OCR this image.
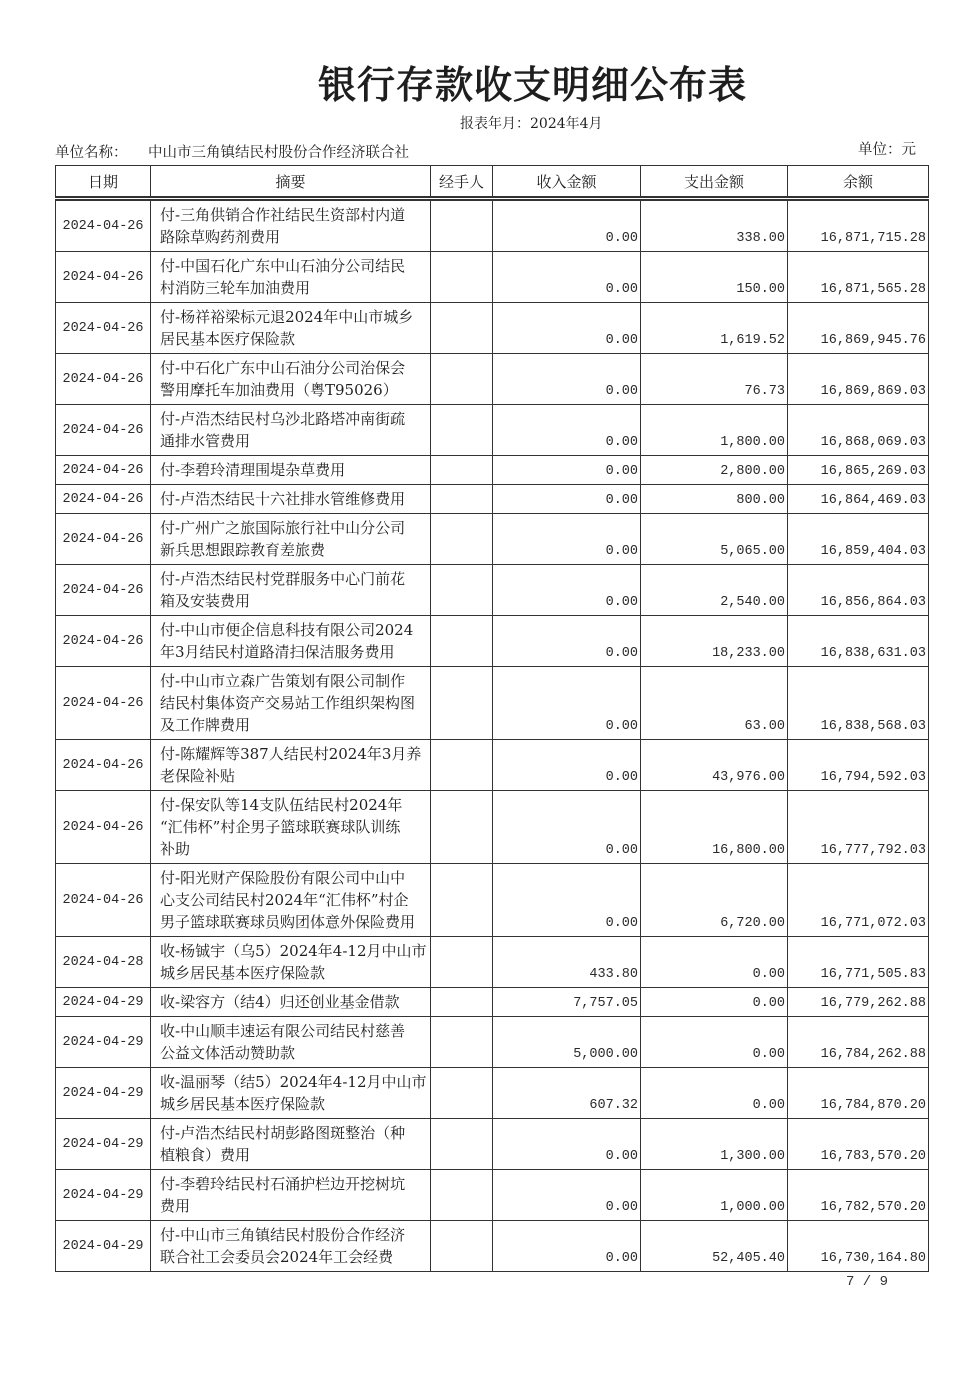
银行存款收支明细公布表
报表年月：2024年4月
单位名称： 中山市三角镇结民村股份合作经济联合社	单位：元
日期	摘要	经手人	收入金额	支出金额	余额
2024-04-26	付-三角供销合作社结民生资部村内道
路除草购药剂费用		0.00	338.00	16,871,715.28
2024-04-26	付-中国石化广东中山石油分公司结民
村消防三轮车加油费用		0.00	150.00	16,871,565.28
2024-04-26	付-杨祥裕梁标元退2024年中山市城乡
居民基本医疗保险款		0.00	1,619.52	16,869,945.76
2024-04-26	付-中石化广东中山石油分公司治保会
警用摩托车加油费用（粤T95026）		0.00	76.73	16,869,869.03
2024-04-26	付-卢浩杰结民村乌沙北路塔冲南街疏
通排水管费用		0.00	1,800.00	16,868,069.03
2024-04-26	付-李碧玲清理围堤杂草费用		0.00	2,800.00	16,865,269.03
2024-04-26	付-卢浩杰结民十六社排水管维修费用		0.00	800.00	16,864,469.03
2024-04-26	付-广州广之旅国际旅行社中山分公司
新兵思想跟踪教育差旅费		0.00	5,065.00	16,859,404.03
2024-04-26	付-卢浩杰结民村党群服务中心门前花
箱及安装费用		0.00	2,540.00	16,856,864.03
2024-04-26	付-中山市便企信息科技有限公司2024
年3月结民村道路清扫保洁服务费用		0.00	18,233.00	16,838,631.03
2024-04-26	付-中山市立森广告策划有限公司制作
结民村集体资产交易站工作组织架构图
及工作牌费用		0.00	63.00	16,838,568.03
2024-04-26	付-陈耀辉等387人结民村2024年3月养
老保险补贴		0.00	43,976.00	16,794,592.03
2024-04-26	付-保安队等14支队伍结民村2024年
“汇伟杯”村企男子篮球联赛球队训练
补助		0.00	16,800.00	16,777,792.03
2024-04-26	付-阳光财产保险股份有限公司中山中
心支公司结民村2024年“汇伟杯”村企
男子篮球联赛球员购团体意外保险费用		0.00	6,720.00	16,771,072.03
2024-04-28	收-杨铖宇（乌5）2024年4-12月中山市
城乡居民基本医疗保险款		433.80	0.00	16,771,505.83
2024-04-29	收-梁容方（结4）归还创业基金借款		7,757.05	0.00	16,779,262.88
2024-04-29	收-中山顺丰速运有限公司结民村慈善
公益文体活动赞助款		5,000.00	0.00	16,784,262.88
2024-04-29	收-温丽琴（结5）2024年4-12月中山市
城乡居民基本医疗保险款		607.32	0.00	16,784,870.20
2024-04-29	付-卢浩杰结民村胡彭路图斑整治（种
植粮食）费用		0.00	1,300.00	16,783,570.20
2024-04-29	付-李碧玲结民村石涌护栏边开挖树坑
费用		0.00	1,000.00	16,782,570.20
2024-04-29	付-中山市三角镇结民村股份合作经济
联合社工会委员会2024年工会经费		0.00	52,405.40	16,730,164.80
7 / 9
